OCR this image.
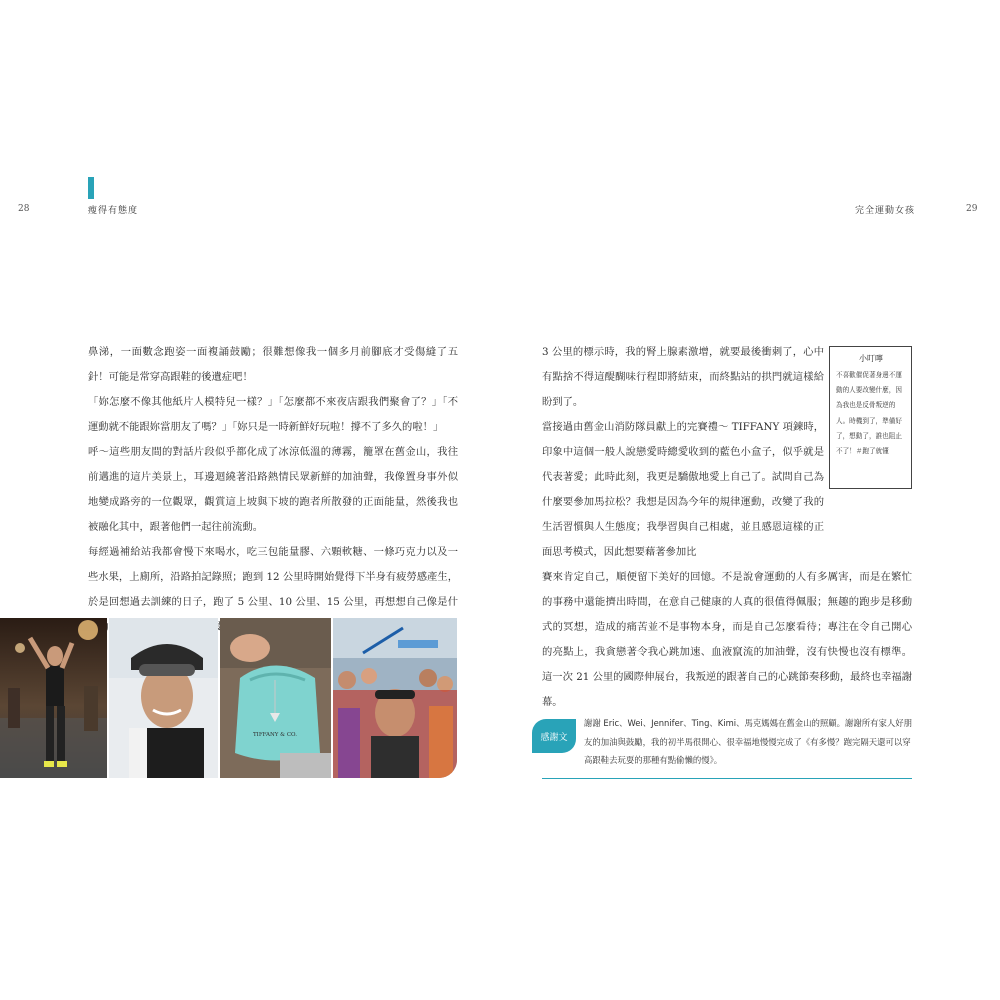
28	瘦得有態度	完全運動女孩	29

鼻涕，一面數念跑姿一面複誦鼓勵；很難想像我一個多月前腳底才受傷縫了五針！可能是常穿高跟鞋的後遺症吧！

「妳怎麼不像其他紙片人模特兒一樣？」「怎麼都不來夜店跟我們聚會了？」「不運動就不能跟妳當朋友了嗎？」「妳只是一時新鮮好玩啦！撐不了多久的啦！」

呼～這些朋友間的對話片段似乎都化成了冰涼低溫的薄霧，籠罩在舊金山，我往前邁進的這片美景上，耳邊迴繞著沿路熱情民眾新鮮的加油聲，我像置身事外似地變成路旁的一位觀眾，觀賞這上坡與下坡的跑者所散發的正面能量，然後我也被融化其中，跟著他們一起往前流動。

每經過補給站我都會慢下來喝水，吃三包能量膠、六顆軟糖、一條巧克力以及一些水果，上廁所，沿路拍記錄照；跑到 12 公里時開始覺得下半身有疲勞感產生，於是回想過去訓練的日子，跑了 5 公里、10 公里、15 公里，再想想自己像是什

3 公里的標示時，我的腎上腺素激增，就要最後衝刺了，心中有點捨不得這醍醐味行程即將結束，而終點站的拱門就這樣給盼到了。

當接過由舊金山消防隊員獻上的完賽禮～ TIFFANY 項鍊時，印象中這個一般人說戀愛時總愛收到的藍色小盒子，似乎就是代表著愛；此時此刻，我更是驕傲地愛上自己了。試問自己為什麼要參加馬拉松？我想是因為今年的規律運動，改變了我的生活習慣與人生態度；我學習與自己相處，並且感恩這樣的正面思考模式，因此想要藉著參加比

賽來肯定自己，順便留下美好的回憶。不是說會運動的人有多厲害，而是在繁忙的事務中還能擠出時間，在意自己健康的人真的很值得佩服；無趣的跑步是移動式的冥想，造成的痛苦並不是事物本身，而是自己怎麼看待；專注在令自己開心的亮點上，我貪戀著令我心跳加速、血液竄流的加油聲，沒有快慢也沒有標準。這一次 21 公里的國際伸展台，我叛逆的跟著自己的心跳節奏移動，最終也幸福謝幕。

小叮嚀

不喜歡催促著身邊不運動的人要改變什麼，因為我也是反骨叛逆的人。時機到了，準備好了，想動了，誰也阻止不了！＃跑了就懂

TIFFANY & CO.	感謝文

謝謝 Eric、Wei、Jennifer、Ting、Kimi、馬克媽媽在舊金山的照顧。謝謝所有家人好朋友的加油與鼓勵，我的初半馬很開心、很幸福地慢慢完成了《有多慢？跑完隔天還可以穿高跟鞋去玩耍的那種有點偷懶的慢》。
